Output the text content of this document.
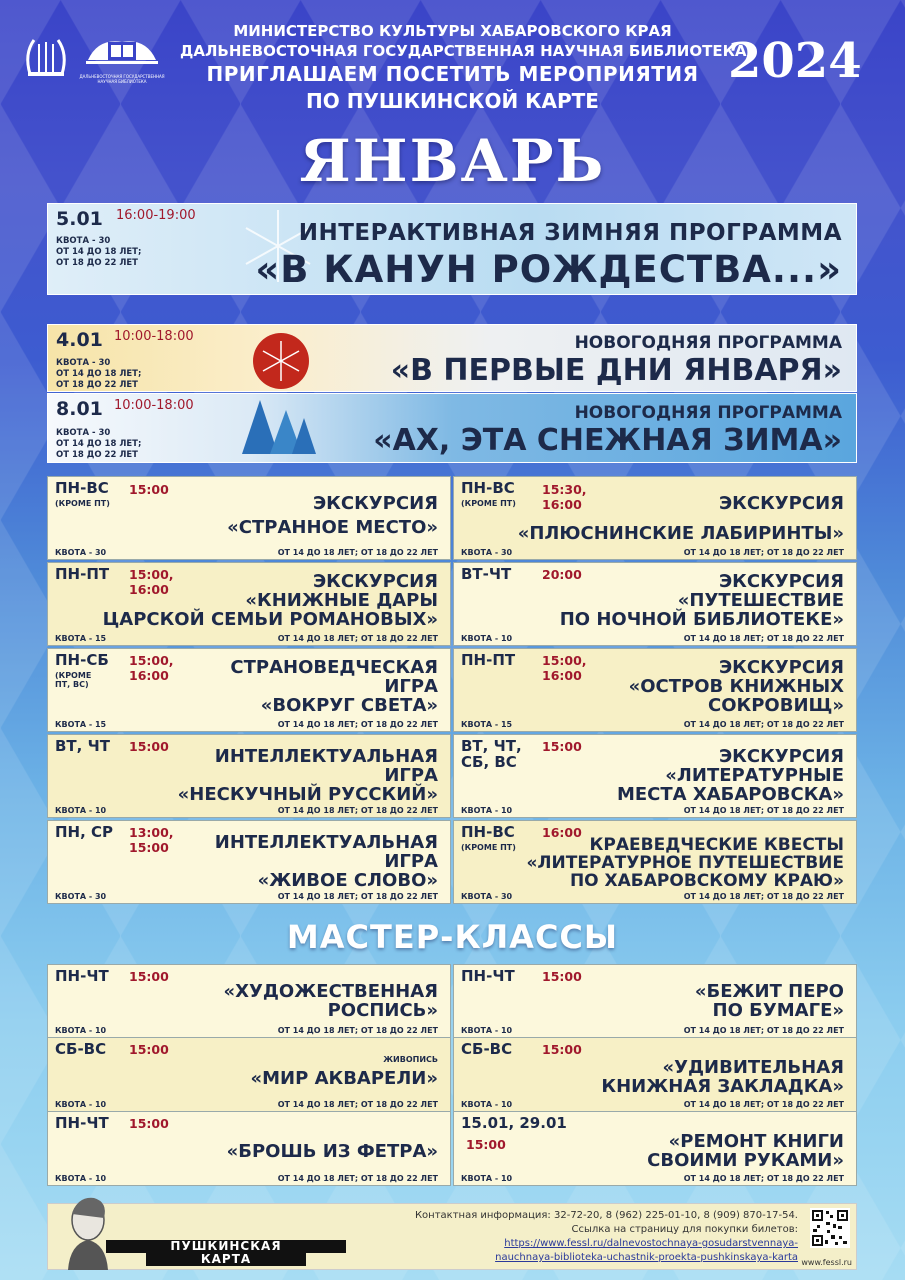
ДАЛЬНЕВОСТОЧНАЯ ГОСУДАРСТВЕННАЯ НАУЧНАЯ БИБЛИОТЕКА
МИНИСТЕРСТВО КУЛЬТУРЫ ХАБАРОВСКОГО КРАЯ
ДАЛЬНЕВОСТОЧНАЯ ГОСУДАРСТВЕННАЯ НАУЧНАЯ БИБЛИОТЕКА
ПРИГЛАШАЕМ ПОСЕТИТЬ МЕРОПРИЯТИЯ
ПО ПУШКИНСКОЙ КАРТЕ
2024
ЯНВАРЬ
5.01 16:00-19:00
КВОТА - 30
ОТ 14 ДО 18 ЛЕТ;
ОТ 18 ДО 22 ЛЕТ
ИНТЕРАКТИВНАЯ ЗИМНЯЯ ПРОГРАММА
«В КАНУН РОЖДЕСТВА...»
4.01 10:00-18:00
КВОТА - 30
ОТ 14 ДО 18 ЛЕТ;
ОТ 18 ДО 22 ЛЕТ
НОВОГОДНЯЯ ПРОГРАММА
«В ПЕРВЫЕ ДНИ ЯНВАРЯ»
8.01 10:00-18:00
КВОТА - 30
ОТ 14 ДО 18 ЛЕТ;
ОТ 18 ДО 22 ЛЕТ
НОВОГОДНЯЯ ПРОГРАММА
«АХ, ЭТА СНЕЖНАЯ ЗИМА»
ПН-ВС
(КРОМЕ ПТ)
15:00
ЭКСКУРСИЯ
«СТРАННОЕ МЕСТО»
КВОТА - 30	ОТ 14 ДО 18 ЛЕТ; ОТ 18 ДО 22 ЛЕТ
ПН-ВС
(КРОМЕ ПТ)
15:30, 16:00	ЭКСКУРСИЯ
«ПЛЮСНИНСКИЕ ЛАБИРИНТЫ»
КВОТА - 30	ОТ 14 ДО 18 ЛЕТ; ОТ 18 ДО 22 ЛЕТ
ПН-ПТ 15:00, 16:00	ЭКСКУРСИЯ
«КНИЖНЫЕ ДАРЫ
ЦАРСКОЙ СЕМЬИ РОМАНОВЫХ»
КВОТА - 15	ОТ 14 ДО 18 ЛЕТ; ОТ 18 ДО 22 ЛЕТ
ВТ-ЧТ 20:00	ЭКСКУРСИЯ
«ПУТЕШЕСТВИЕ
ПО НОЧНОЙ БИБЛИОТЕКЕ»
КВОТА - 10	ОТ 14 ДО 18 ЛЕТ; ОТ 18 ДО 22 ЛЕТ
ПН-СБ
(КРОМЕ ПТ, ВС)
15:00, 16:00	СТРАНОВЕДЧЕСКАЯ
ИГРА
«ВОКРУГ СВЕТА»
КВОТА - 15	ОТ 14 ДО 18 ЛЕТ; ОТ 18 ДО 22 ЛЕТ
ПН-ПТ 15:00, 16:00	ЭКСКУРСИЯ
«ОСТРОВ КНИЖНЫХ
СОКРОВИЩ»
КВОТА - 15	ОТ 14 ДО 18 ЛЕТ; ОТ 18 ДО 22 ЛЕТ
ВТ, ЧТ 15:00	ИНТЕЛЛЕКТУАЛЬНАЯ
ИГРА
«НЕСКУЧНЫЙ РУССКИЙ»
КВОТА - 10	ОТ 14 ДО 18 ЛЕТ; ОТ 18 ДО 22 ЛЕТ
ВТ, ЧТ, СБ, ВС
15:00	ЭКСКУРСИЯ
«ЛИТЕРАТУРНЫЕ
МЕСТА ХАБАРОВСКА»
КВОТА - 10	ОТ 14 ДО 18 ЛЕТ; ОТ 18 ДО 22 ЛЕТ
ПН, СР 13:00, 15:00	ИНТЕЛЛЕКТУАЛЬНАЯ
ИГРА
«ЖИВОЕ СЛОВО»
КВОТА - 30	ОТ 14 ДО 18 ЛЕТ; ОТ 18 ДО 22 ЛЕТ
ПН-ВС
(КРОМЕ ПТ)
16:00
КРАЕВЕДЧЕСКИЕ КВЕСТЫ
«ЛИТЕРАТУРНОЕ ПУТЕШЕСТВИЕ
ПО ХАБАРОВСКОМУ КРАЮ»
КВОТА - 30	ОТ 14 ДО 18 ЛЕТ; ОТ 18 ДО 22 ЛЕТ
МАСТЕР-КЛАССЫ
ПН-ЧТ 15:00
«ХУДОЖЕСТВЕННАЯ
РОСПИСЬ»
КВОТА - 10	ОТ 14 ДО 18 ЛЕТ; ОТ 18 ДО 22 ЛЕТ
ПН-ЧТ 15:00
«БЕЖИТ ПЕРО
ПО БУМАГЕ»
КВОТА - 10	ОТ 14 ДО 18 ЛЕТ; ОТ 18 ДО 22 ЛЕТ
СБ-ВС 15:00
ЖИВОПИСЬ
«МИР АКВАРЕЛИ»
КВОТА - 10	ОТ 14 ДО 18 ЛЕТ; ОТ 18 ДО 22 ЛЕТ
СБ-ВС 15:00
«УДИВИТЕЛЬНАЯ
КНИЖНАЯ ЗАКЛАДКА»
КВОТА - 10	ОТ 14 ДО 18 ЛЕТ; ОТ 18 ДО 22 ЛЕТ
ПН-ЧТ 15:00
«БРОШЬ ИЗ ФЕТРА»
КВОТА - 10	ОТ 14 ДО 18 ЛЕТ; ОТ 18 ДО 22 ЛЕТ
15.01, 29.01
15:00	«РЕМОНТ КНИГИ
СВОИМИ РУКАМИ»
КВОТА - 10	ОТ 14 ДО 18 ЛЕТ; ОТ 18 ДО 22 ЛЕТ
ПУШКИНСКАЯ
КАРТА
Контактная информация: 32-72-20, 8 (962) 225-01-10, 8 (909) 870-17-54.
Ссылка на страницу для покупки билетов:
https://www.fessl.ru/dalnevostochnaya-gosudarstvennaya-
nauchnaya-biblioteka-uchastnik-proekta-pushkinskaya-karta www.fessl.ru
